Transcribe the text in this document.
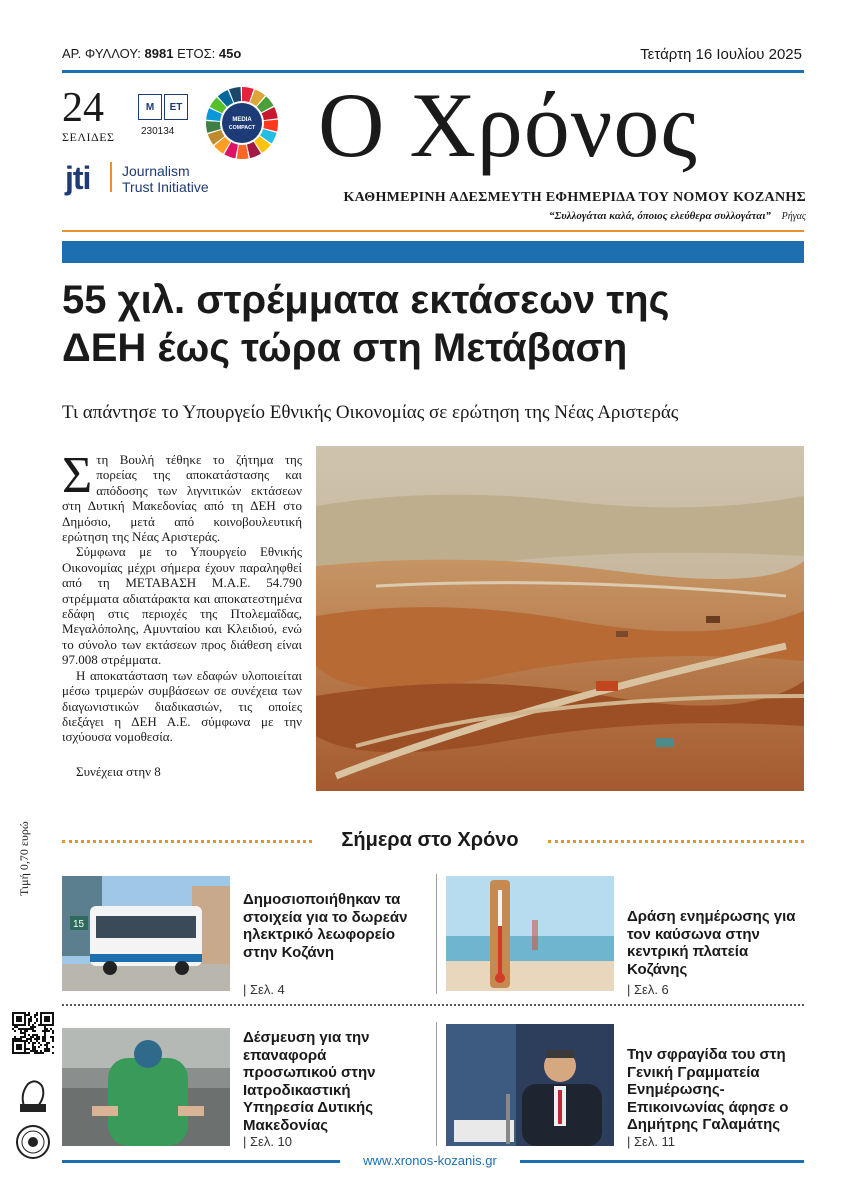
ΑΡ. ΦΥΛΛΟΥ: 8981 ΕΤΟΣ: 45ο	Τετάρτη 16 Ιουλίου 2025
24
ΣΕΛΙΔΕΣ
Μ	ΕΤ
230134
MEDIA
COMPACT
jti Journalism
Trust Initiative
Ο Χρόνος
ΚΑΘΗΜΕΡΙΝΗ ΑΔΕΣΜΕΥΤΗ ΕΦΗΜΕΡΙΔΑ ΤΟΥ ΝΟΜΟΥ ΚΟΖΑΝΗΣ
“Συλλογάται καλά, όποιος ελεύθερα συλλογάται” Ρήγας
55 χιλ. στρέμματα εκτάσεων της
ΔΕΗ έως τώρα στη Μετάβαση
Τι απάντησε το Υπουργείο Εθνικής Οικονομίας σε ερώτηση της Νέας Αριστεράς

Στη Βουλή τέθηκε το ζήτημα της πορείας της αποκατάστασης και απόδοσης των λιγνιτικών εκτάσεων στη Δυτική Μακεδονίας από τη ΔΕΗ στο Δημόσιο, μετά από κοινοβουλευτική ερώτηση της Νέας Αριστεράς.

Σύμφωνα με το Υπουργείο Εθνικής Οικονομίας μέχρι σήμερα έχουν παραληφθεί από τη ΜΕΤΑΒΑΣΗ Μ.Α.Ε. 54.790 στρέμματα αδιατάρακτα και αποκατεστημένα εδάφη στις περιοχές της Πτολεμαΐδας, Μεγαλόπολης, Αμυνταίου και Κλειδιού, ενώ το σύνολο των εκτάσεων προς διάθεση είναι 97.008 στρέμματα.

Η αποκατάσταση των εδαφών υλοποιείται μέσω τριμερών συμβάσεων σε συνέχεια των διαγωνιστικών διαδικασιών, τις οποίες διεξάγει η ΔΕΗ Α.Ε. σύμφωνα με την ισχύουσα νομοθεσία.

Συνέχεια στην 8
Σήμερα στο Χρόνο
15
Δημοσιοποιήθηκαν τα στοιχεία για το δωρεάν ηλεκτρικό λεωφορείο στην Κοζάνη
| Σελ. 4
Δράση ενημέρωσης για τον καύσωνα στην κεντρική πλατεία Κοζάνης
| Σελ. 6
Δέσμευση για την επαναφορά προσωπικού στην Ιατροδικαστική Υπηρεσία Δυτικής Μακεδονίας
| Σελ. 10
Την σφραγίδα του στη Γενική Γραμματεία Ενημέρωσης-Επικοινωνίας άφησε ο Δημήτρης Γαλαμάτης
| Σελ. 11
Τιμή 0,70 ευρώ
www.xronos-kozanis.gr
